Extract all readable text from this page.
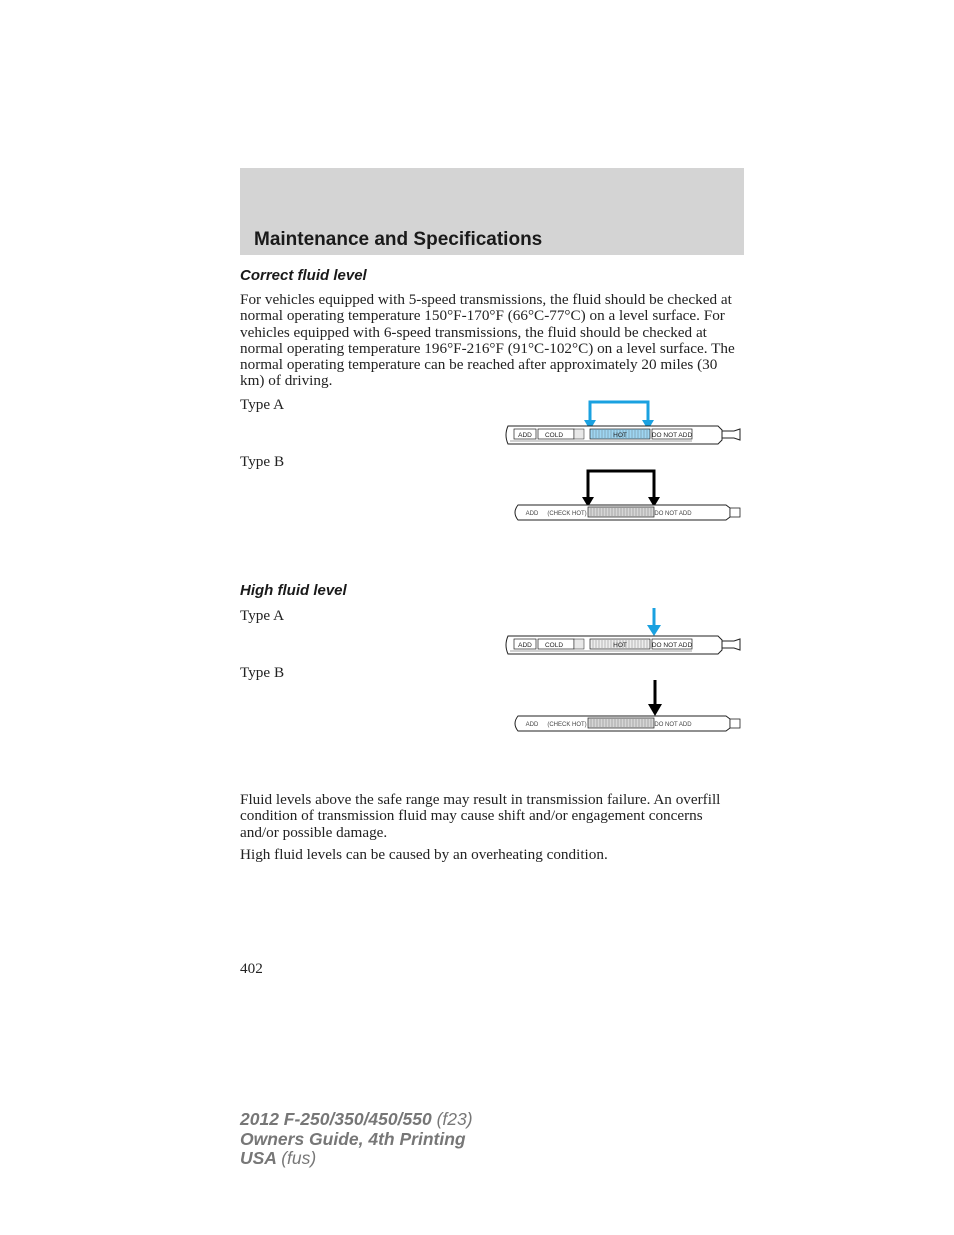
Maintenance and Specifications
Correct fluid level
For vehicles equipped with 5-speed transmissions, the fluid should be checked at normal operating temperature 150°F-170°F (66°C-77°C) on a level surface. For vehicles equipped with 6-speed transmissions, the fluid should be checked at normal operating temperature 196°F-216°F (91°C-102°C) on a level surface. The normal operating temperature can be reached after approximately 20 miles (30 km) of driving.
Type A
Type B
ADD COLD	HOT	DO NOT ADD
ADD (CHECK HOT)	DO NOT ADD
High fluid level
Type A
Type B
ADD COLD	HOT	DO NOT ADD
ADD (CHECK HOT)	DO NOT ADD
Fluid levels above the safe range may result in transmission failure. An overfill condition of transmission fluid may cause shift and/or engagement concerns and/or possible damage.
High fluid levels can be caused by an overheating condition.
402
2012 F-250/350/450/550 (f23)
Owners Guide, 4th Printing
USA (fus)
